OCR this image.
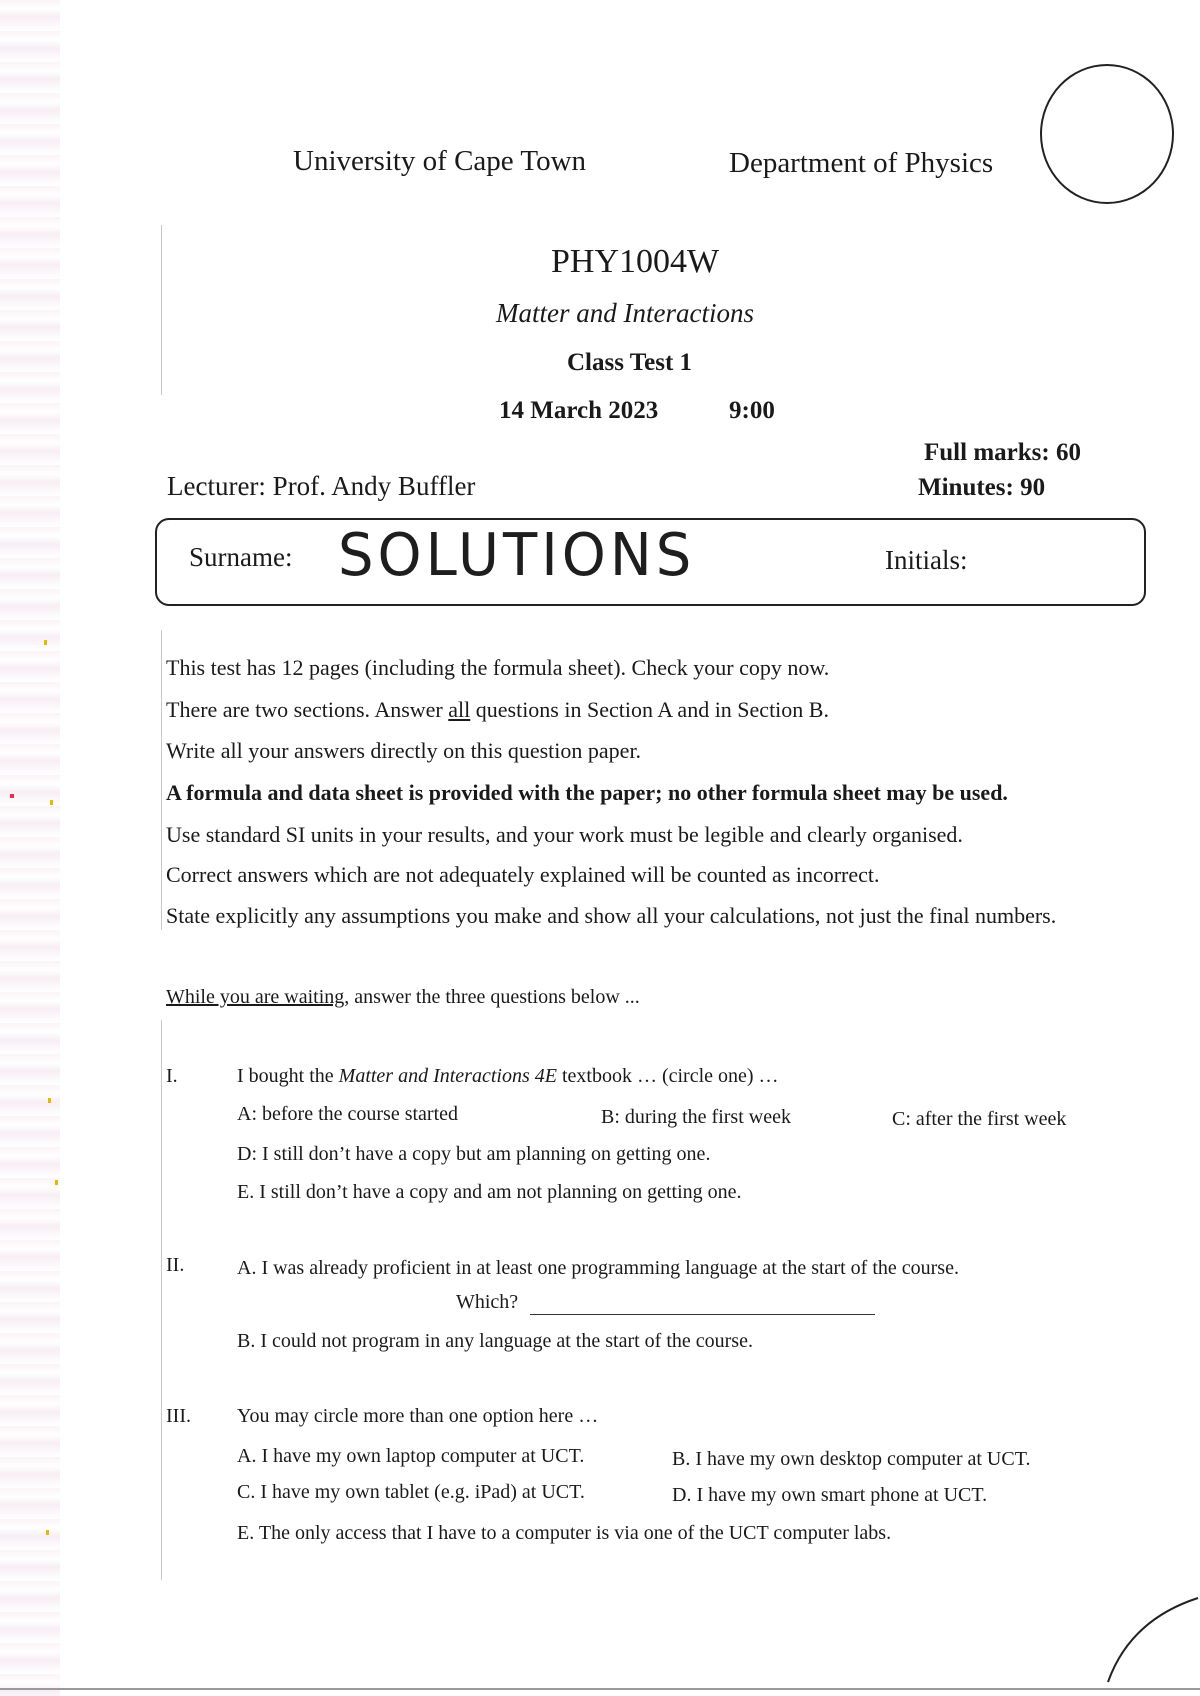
University of Cape Town	Department of Physics
PHY1004W
Matter and Interactions
Class Test 1
14 March 2023	9:00
Full marks: 60
Minutes: 90
Lecturer: Prof. Andy Buffler
Surname: SOLUTIONS	Initials:
This test has 12 pages (including the formula sheet). Check your copy now.
There are two sections. Answer all questions in Section A and in Section B.
Write all your answers directly on this question paper.
A formula and data sheet is provided with the paper; no other formula sheet may be used.
Use standard SI units in your results, and your work must be legible and clearly organised.
Correct answers which are not adequately explained will be counted as incorrect.
State explicitly any assumptions you make and show all your calculations, not just the final numbers.
While you are waiting, answer the three questions below ...
I.	I bought the Matter and Interactions 4E textbook … (circle one) …
A: before the course started	B: during the first week	C: after the first week
D: I still don’t have a copy but am planning on getting one.
E. I still don’t have a copy and am not planning on getting one.
II.	A. I was already proficient in at least one programming language at the start of the course.
Which?
B. I could not program in any language at the start of the course.
III. You may circle more than one option here …
A. I have my own laptop computer at UCT.	B. I have my own desktop computer at UCT.
C. I have my own tablet (e.g. iPad) at UCT.	D. I have my own smart phone at UCT.
E. The only access that I have to a computer is via one of the UCT computer labs.
